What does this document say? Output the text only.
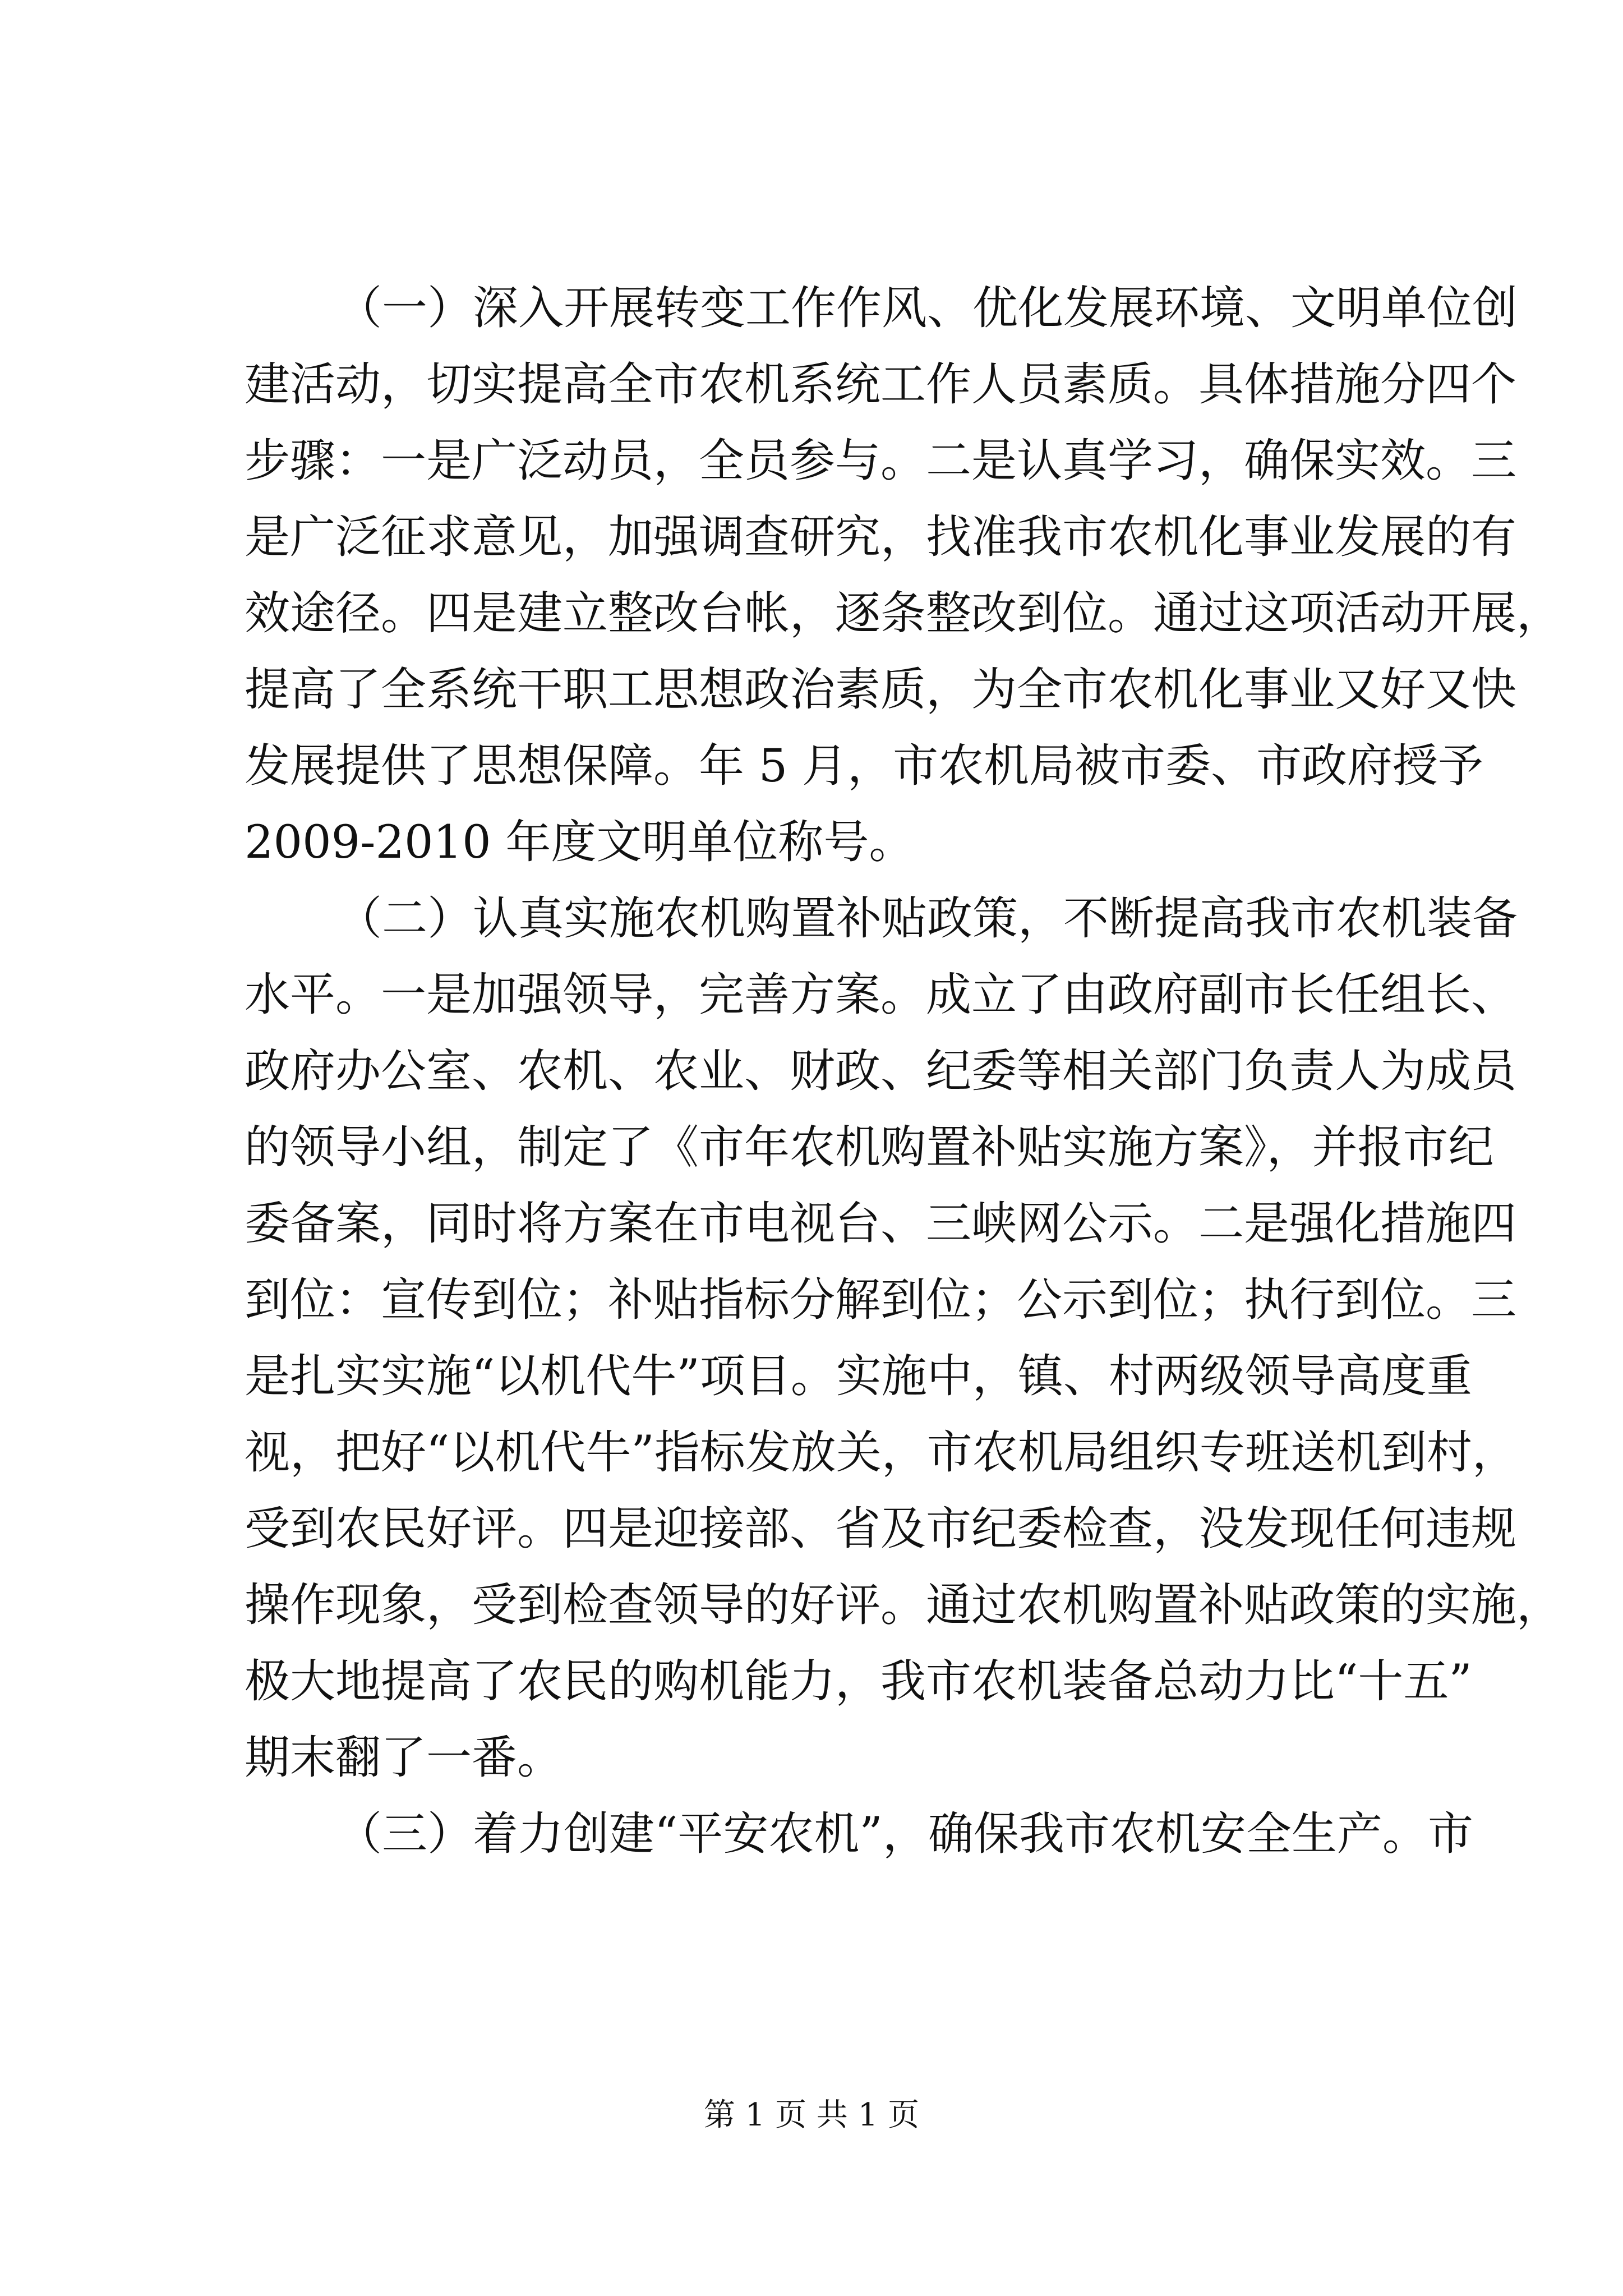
（一）深入开展转变工作作风、优化发展环境、文明单位创
建活动，切实提高全市农机系统工作人员素质。具体措施分四个
步骤：一是广泛动员，全员参与。二是认真学习，确保实效。三
是广泛征求意见，加强调查研究，找准我市农机化事业发展的有
效途径。四是建立整改台帐，逐条整改到位。通过这项活动开展，
提高了全系统干职工思想政治素质，为全市农机化事业又好又快
发展提供了思想保障。年 5 月，市农机局被市委、市政府授予
2009-2010 年度文明单位称号。
（二）认真实施农机购置补贴政策，不断提高我市农机装备
水平。一是加强领导，完善方案。成立了由政府副市长任组长、
政府办公室、农机、农业、财政、纪委等相关部门负责人为成员
的领导小组，制定了《市年农机购置补贴实施方案》，并报市纪
委备案，同时将方案在市电视台、三峡网公示。二是强化措施四
到位：宣传到位；补贴指标分解到位；公示到位；执行到位。三
是扎实实施“以机代牛”项目。实施中，镇、村两级领导高度重
视，把好“以机代牛”指标发放关，市农机局组织专班送机到村，
受到农民好评。四是迎接部、省及市纪委检查，没发现任何违规
操作现象，受到检查领导的好评。通过农机购置补贴政策的实施，
极大地提高了农民的购机能力，我市农机装备总动力比“十五”
期末翻了一番。
（三）着力创建“平安农机”，确保我市农机安全生产。市
第 1 页 共 1 页
